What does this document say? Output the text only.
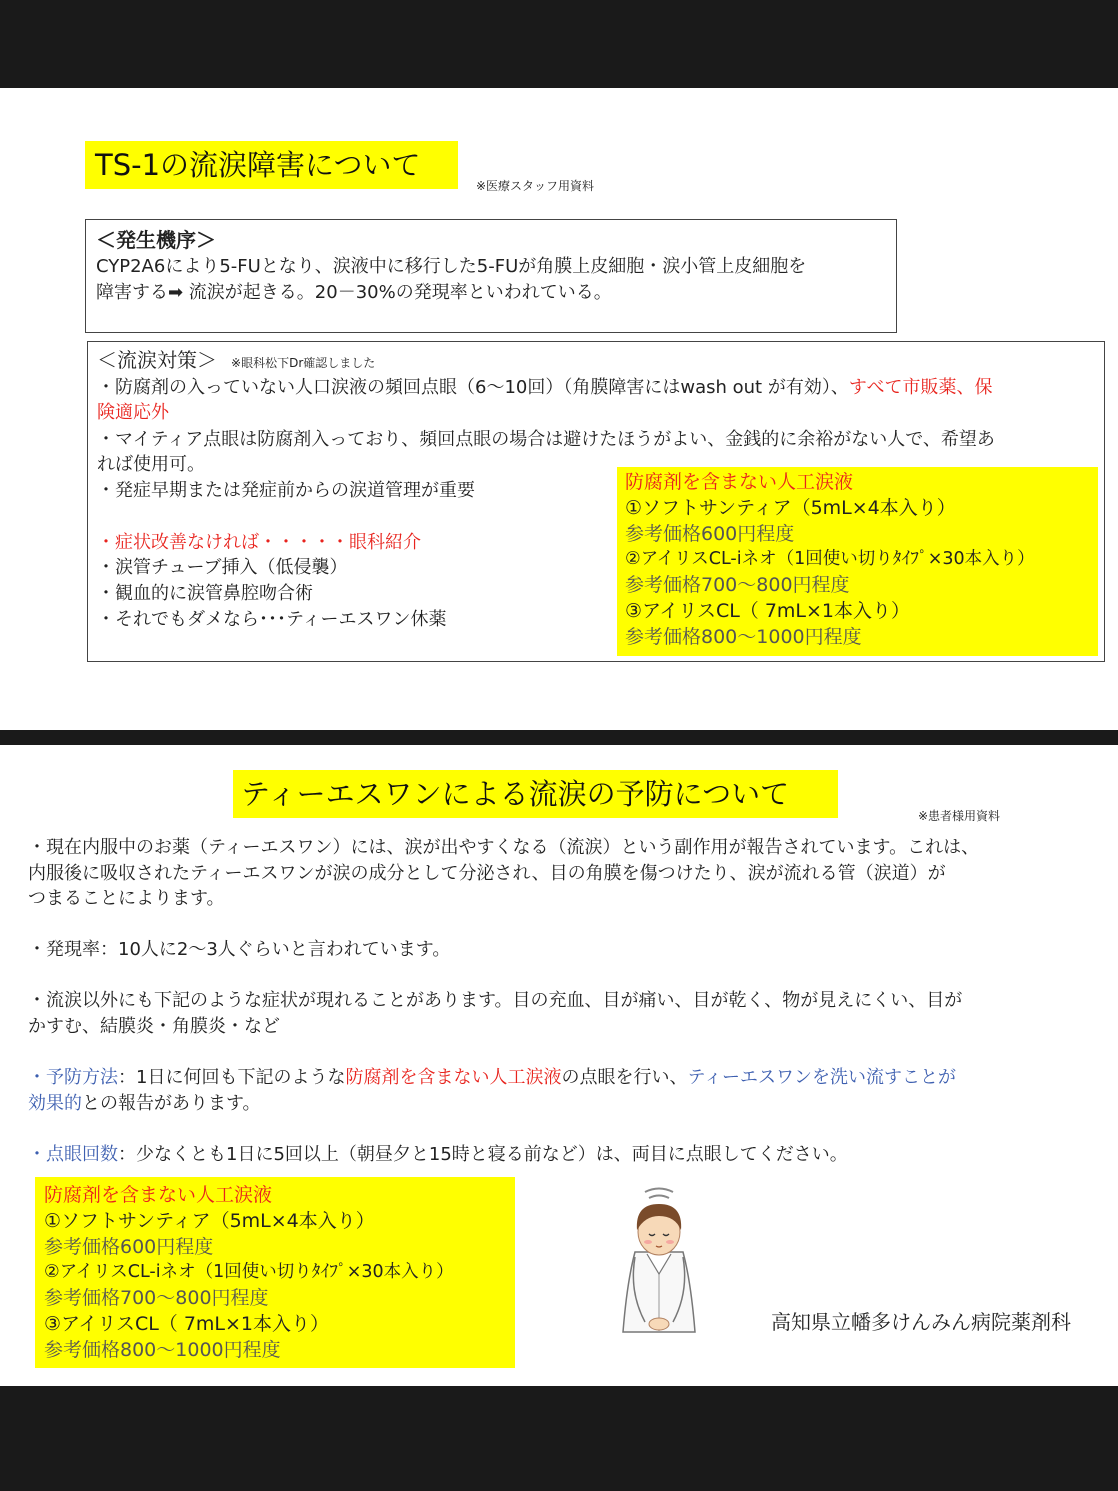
TS-1の流涙障害について
※医療スタッフ用資料
＜発生機序＞
CYP2A6により5-FUとなり、涙液中に移行した5-FUが角膜上皮細胞・涙小管上皮細胞を
障害する➡ 流涙が起きる。20－30%の発現率といわれている。
＜流涙対策＞ ※眼科松下Dr確認しました
・防腐剤の入っていない人口涙液の頻回点眼（6〜10回）（角膜障害にはwash out が有効）、すべて市販薬、保
険適応外
・マイティア点眼は防腐剤入っており、頻回点眼の場合は避けたほうがよい、金銭的に余裕がない人で、希望あ
れば使用可。
・発症早期または発症前からの涙道管理が重要
・症状改善なければ・・・・・眼科紹介
・涙管チューブ挿入（低侵襲）
・観血的に涙管鼻腔吻合術
・それでもダメなら･･･ティーエスワン休薬
防腐剤を含まない人工涙液
①ソフトサンティア（5mL×4本入り）
参考価格600円程度
②アイリスCL-iネオ（1回使い切りﾀｲﾌﾟ×30本入り）
参考価格700〜800円程度
③アイリスCL（ 7mL×1本入り）
参考価格800〜1000円程度
ティーエスワンによる流涙の予防について
※患者様用資料
・現在内服中のお薬（ティーエスワン）には、涙が出やすくなる（流涙）という副作用が報告されています。これは、
内服後に吸収されたティーエスワンが涙の成分として分泌され、目の角膜を傷つけたり、涙が流れる管（涙道）が
つまることによります。
・発現率：10人に2〜3人ぐらいと言われています。
・流涙以外にも下記のような症状が現れることがあります。目の充血、目が痛い、目が乾く、物が見えにくい、目が
かすむ、結膜炎・角膜炎・など
・予防方法：1日に何回も下記のような防腐剤を含まない人工涙液の点眼を行い、ティーエスワンを洗い流すことが
効果的との報告があります。
・点眼回数：少なくとも1日に5回以上（朝昼夕と15時と寝る前など）は、両目に点眼してください。
防腐剤を含まない人工涙液
①ソフトサンティア（5mL×4本入り）
参考価格600円程度
②アイリスCL-iネオ（1回使い切りﾀｲﾌﾟ×30本入り）
参考価格700〜800円程度
③アイリスCL（ 7mL×1本入り）
参考価格800〜1000円程度
高知県立幡多けんみん病院薬剤科
